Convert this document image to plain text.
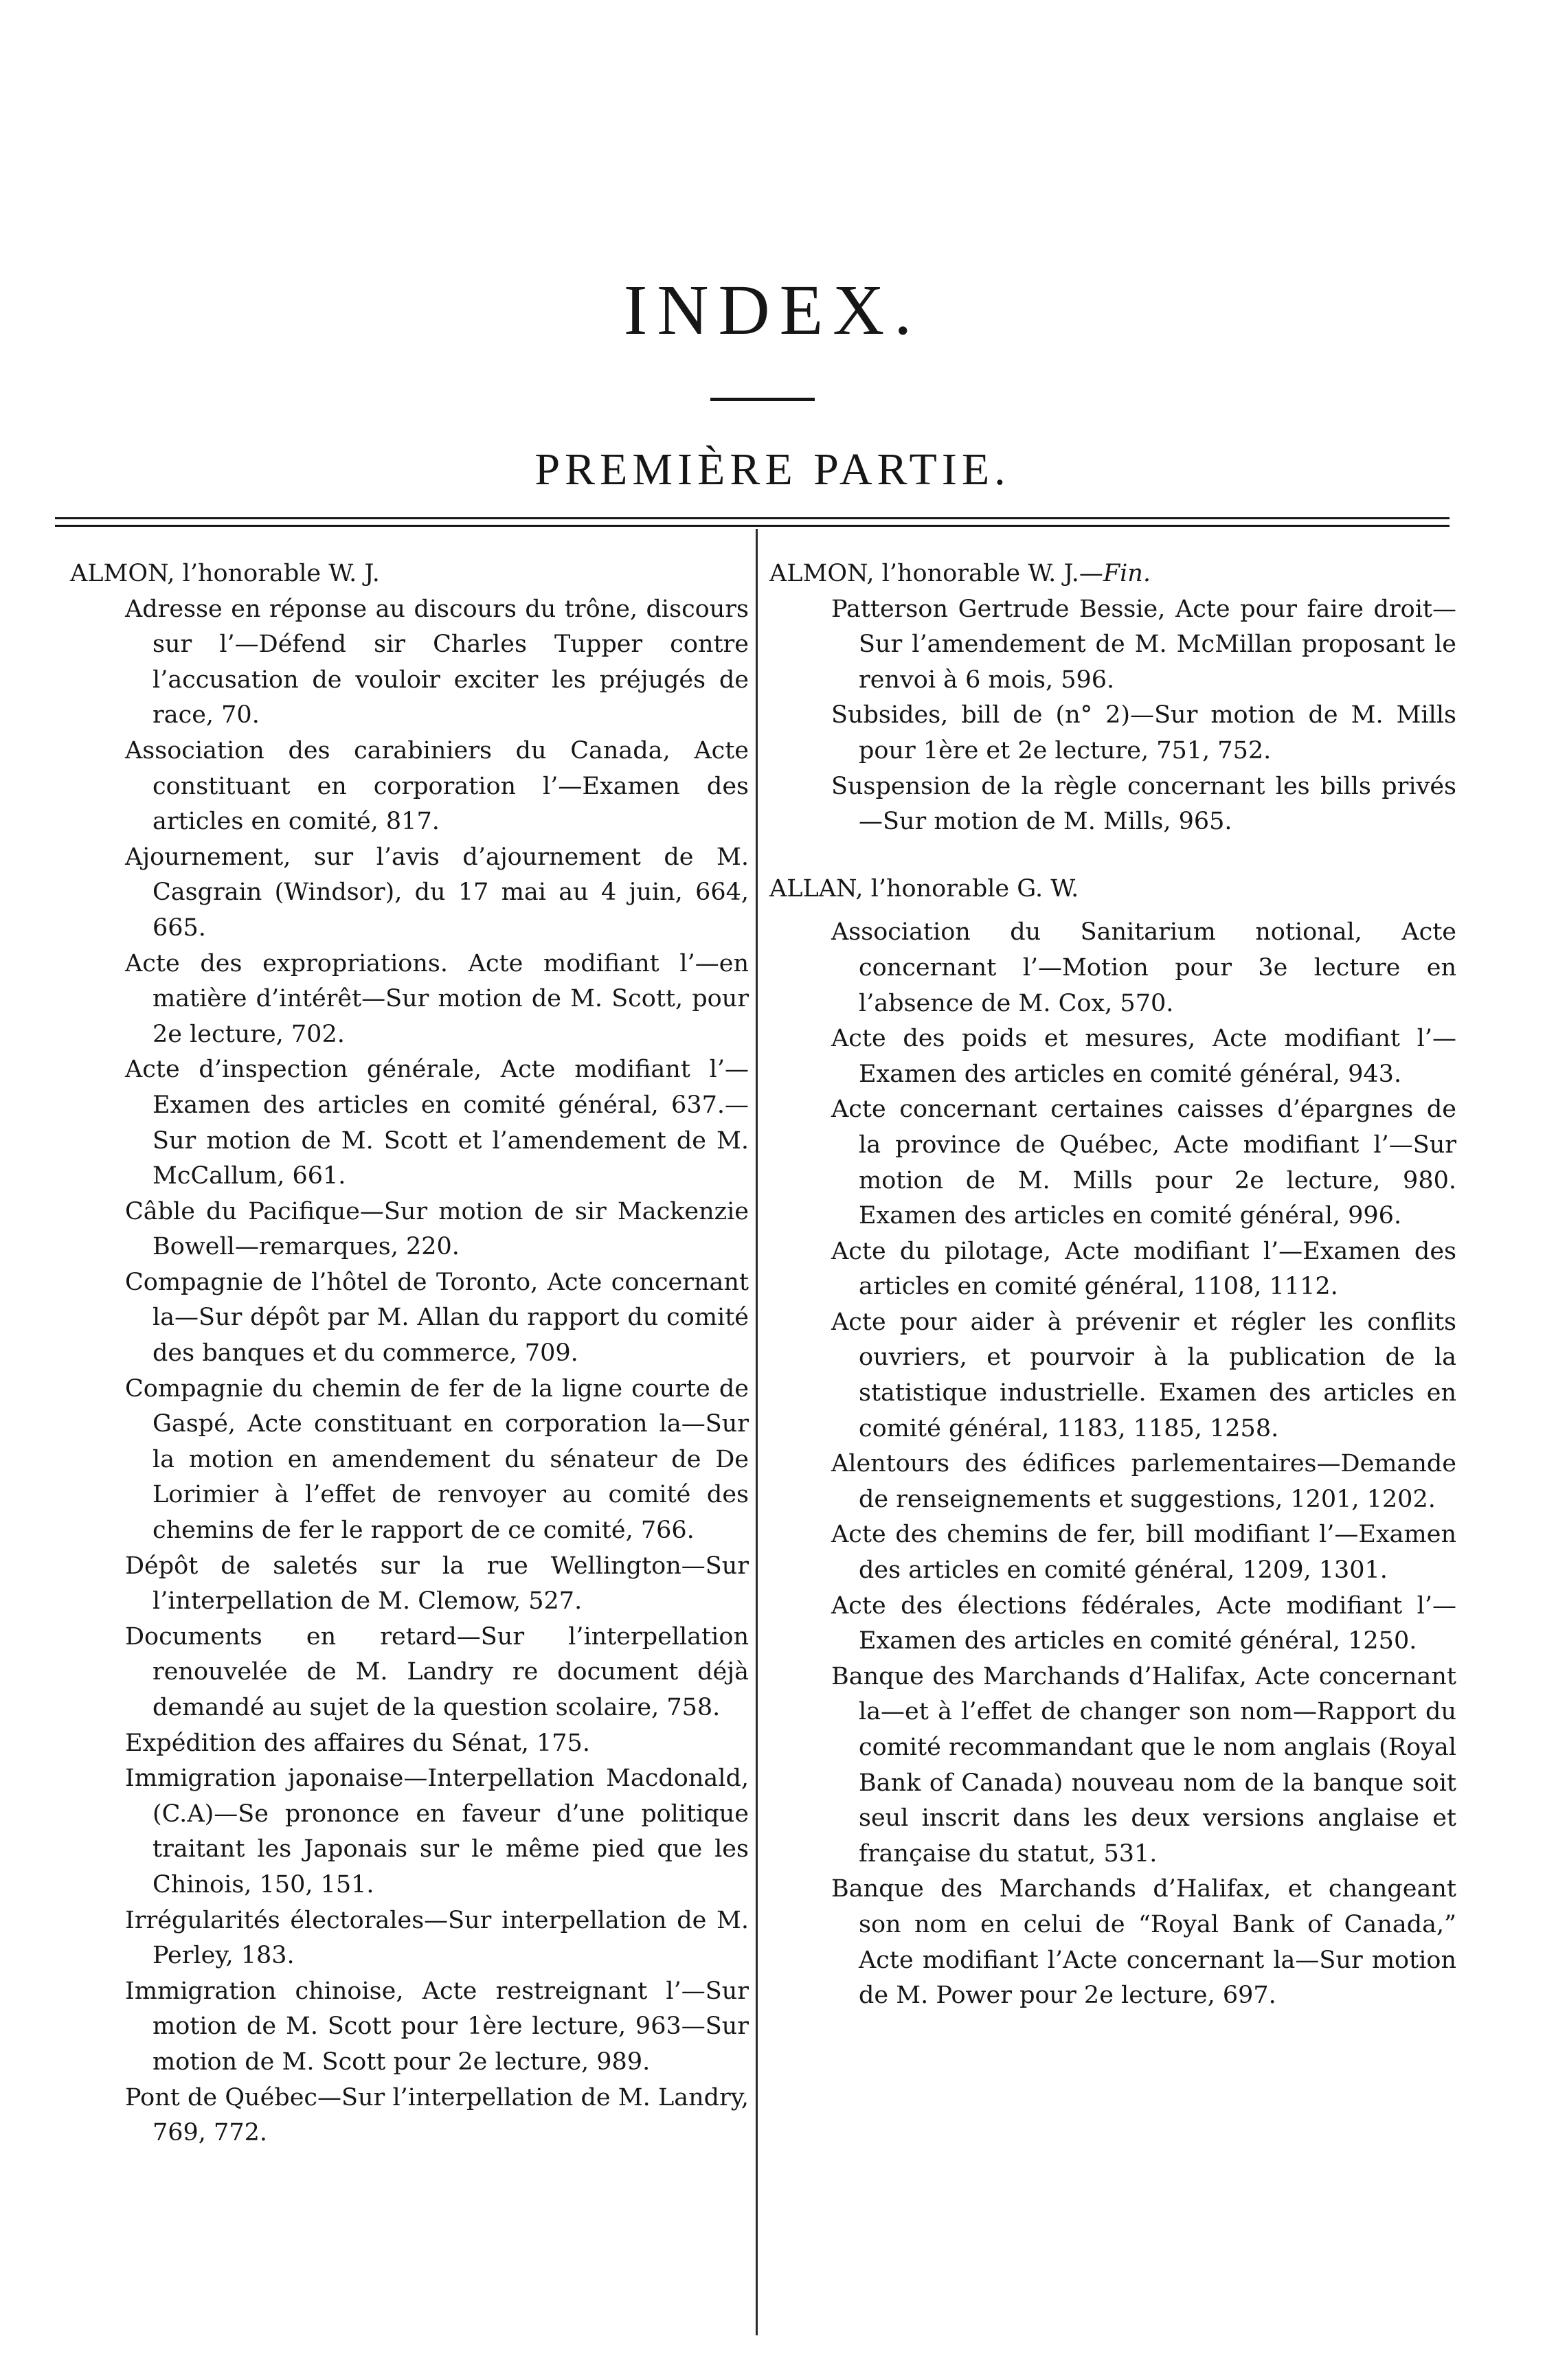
INDEX.
PREMIÈRE PARTIE.

ALMON, l’honorable W. J.

Adresse en réponse au discours du trône, discours sur l’—Défend sir Charles Tupper contre l’accusation de vouloir exciter les préjugés de race, 70.

Association des carabiniers du Canada, Acte constituant en corporation l’—Examen des articles en comité, 817.

Ajournement, sur l’avis d’ajournement de M. Casgrain (Windsor), du 17 mai au 4 juin, 664, 665.

Acte des expropriations. Acte modifiant l’—en matière d’intérêt—Sur motion de M. Scott, pour 2e lecture, 702.

Acte d’inspection générale, Acte modifiant l’—Examen des articles en comité général, 637.—Sur motion de M. Scott et l’amendement de M. McCallum, 661.

Câble du Pacifique—Sur motion de sir Mackenzie Bowell—remarques, 220.

Compagnie de l’hôtel de Toronto, Acte concernant la—Sur dépôt par M. Allan du rapport du comité des banques et du commerce, 709.

Compagnie du chemin de fer de la ligne courte de Gaspé, Acte constituant en corporation la—Sur la motion en amendement du sénateur de De Lorimier à l’effet de renvoyer au comité des chemins de fer le rapport de ce comité, 766.

Dépôt de saletés sur la rue Wellington—Sur l’interpellation de M. Clemow, 527.

Documents en retard—Sur l’interpellation renouvelée de M. Landry re document déjà demandé au sujet de la question scolaire, 758.

Expédition des affaires du Sénat, 175.

Immigration japonaise—Interpellation Macdonald, (C.A)—Se prononce en faveur d’une politique traitant les Japonais sur le même pied que les Chinois, 150, 151.

Irrégularités électorales—Sur interpellation de M. Perley, 183.

Immigration chinoise, Acte restreignant l’—Sur motion de M. Scott pour 1ère lecture, 963—Sur motion de M. Scott pour 2e lecture, 989.

Pont de Québec—Sur l’interpellation de M. Landry, 769, 772.

ALMON, l’honorable W. J.—Fin.

Patterson Gertrude Bessie, Acte pour faire droit—Sur l’amendement de M. McMillan proposant le renvoi à 6 mois, 596.

Subsides, bill de (n° 2)—Sur motion de M. Mills pour 1ère et 2e lecture, 751, 752.

Suspension de la règle concernant les bills privés—Sur motion de M. Mills, 965.

ALLAN, l’honorable G. W.

Association du Sanitarium notional, Acte concernant l’—Motion pour 3e lecture en l’absence de M. Cox, 570.

Acte des poids et mesures, Acte modifiant l’—Examen des articles en comité général, 943.

Acte concernant certaines caisses d’épargnes de la province de Québec, Acte modifiant l’—Sur motion de M. Mills pour 2e lecture, 980. Examen des articles en comité général, 996.

Acte du pilotage, Acte modifiant l’—Examen des articles en comité général, 1108, 1112.

Acte pour aider à prévenir et régler les conflits ouvriers, et pourvoir à la publication de la statistique industrielle. Examen des articles en comité général, 1183, 1185, 1258.

Alentours des édifices parlementaires—Demande de renseignements et suggestions, 1201, 1202.

Acte des chemins de fer, bill modifiant l’—Examen des articles en comité général, 1209, 1301.

Acte des élections fédérales, Acte modifiant l’—Examen des articles en comité général, 1250.

Banque des Marchands d’Halifax, Acte concernant la—et à l’effet de changer son nom—Rapport du comité recommandant que le nom anglais (Royal Bank of Canada) nouveau nom de la banque soit seul inscrit dans les deux versions anglaise et française du statut, 531.

Banque des Marchands d’Halifax, et changeant son nom en celui de “Royal Bank of Canada,” Acte modifiant l’Acte concernant la—Sur motion de M. Power pour 2e lecture, 697.
